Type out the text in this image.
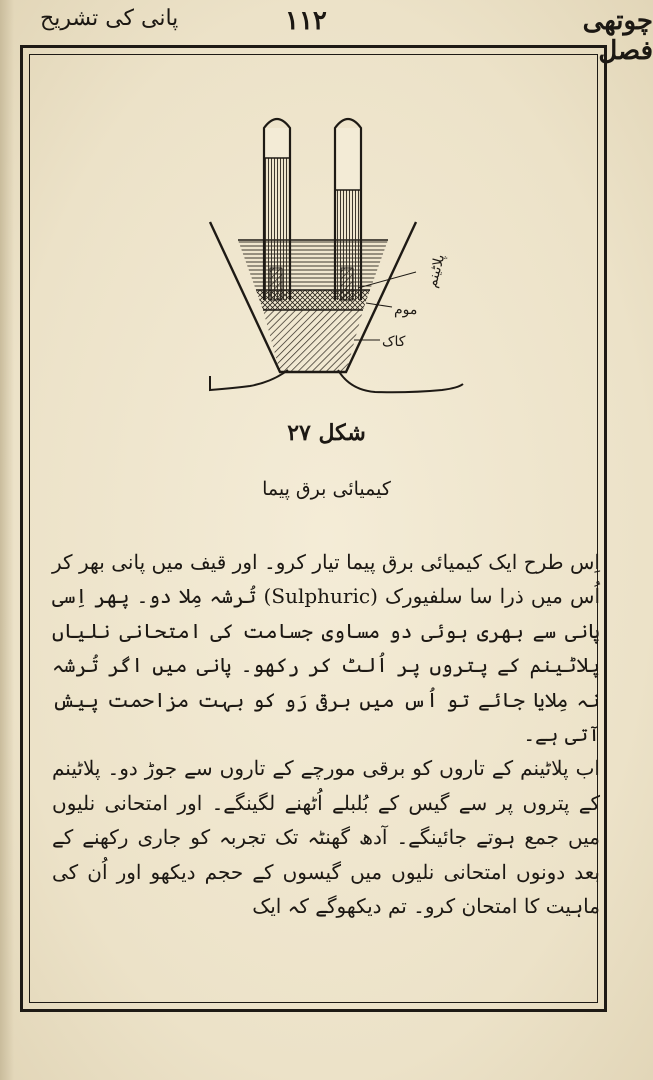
پانی کی تشریح	۱۱۲	چوتھی فصل
پلاٹینم
موم
کاک
شکل ۲۷
کیمیائی برق پیما

اِس طرح ایک کیمیائی برق پیما تیار کرو۔ اور قیف میں پانی بھر کر اُس میں ذرا سا سلفیورک (Sulphuric) تُرشہ مِلا دو۔ پھر اِسی پانی سے بھری ہوئی دو مساوی جسامت کی امتحانی نلیاں پلاٹینم کے پتروں پر اُلٹ کر رکھو۔ پانی میں اگر تُرشہ نہ مِلایا جائے تو اُس میں برقی رَو کو بہت مزاحمت پیش آتی ہے۔

اب پلاٹینم کے تاروں کو برقی مورچے کے تاروں سے جوڑ دو۔ پلاٹینم کے پتروں پر سے گیس کے بُلبلے اُٹھنے لگینگے۔ اور امتحانی نلیوں میں جمع ہوتے جائینگے۔ آدھ گھنٹہ تک تجربہ کو جاری رکھنے کے بعد دونوں امتحانی نلیوں میں گیسوں کے حجم دیکھو اور اُن کی ماہیت کا امتحان کرو۔ تم دیکھوگے کہ ایک
